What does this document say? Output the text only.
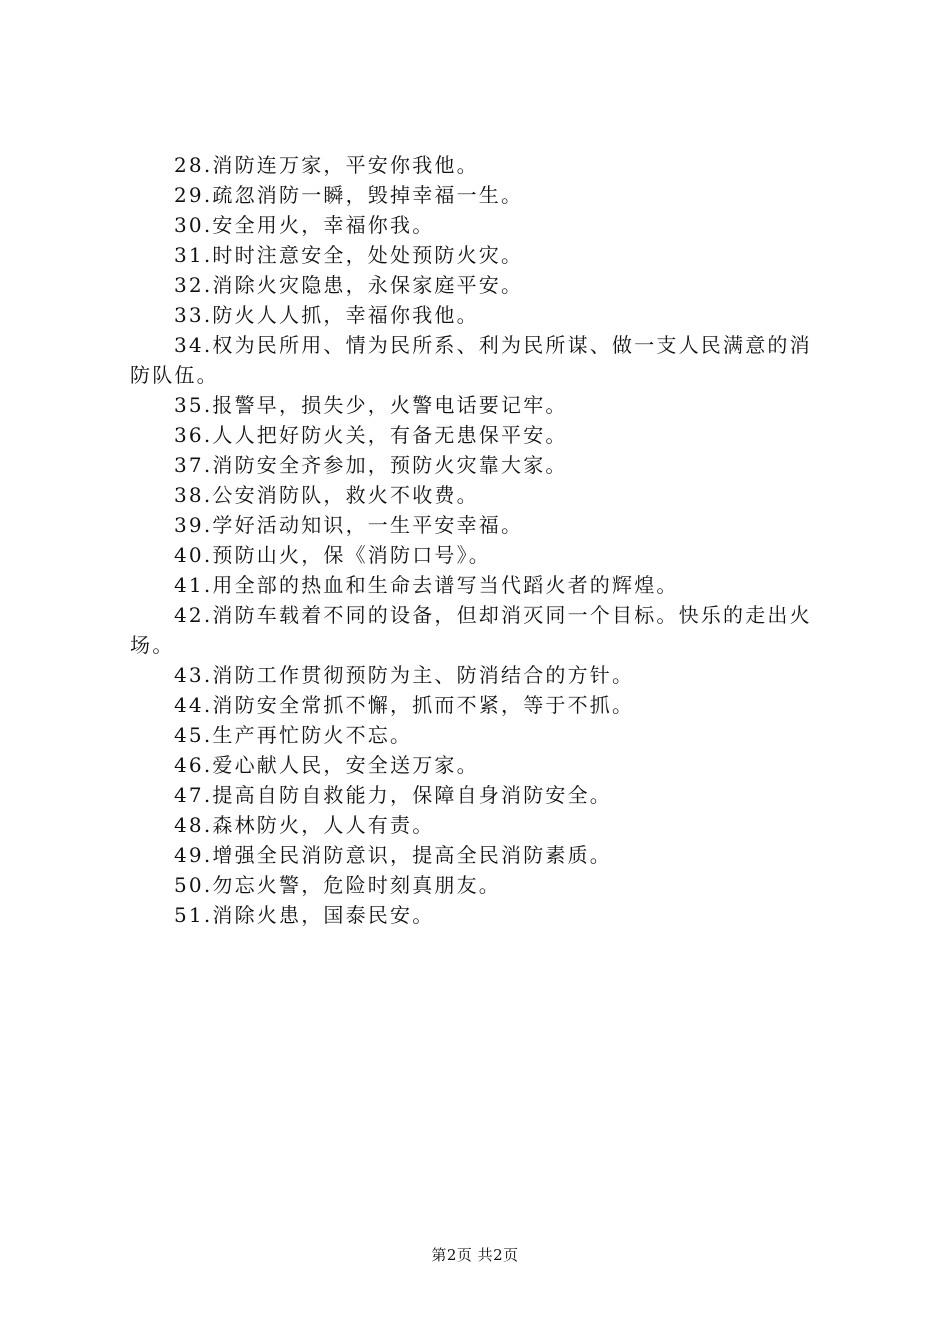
28.消防连万家，平安你我他。

29.疏忽消防一瞬，毁掉幸福一生。

30.安全用火，幸福你我。

31.时时注意安全，处处预防火灾。

32.消除火灾隐患，永保家庭平安。

33.防火人人抓，幸福你我他。

34.权为民所用、情为民所系、利为民所谋、做一支人民满意的消防队伍。

35.报警早，损失少，火警电话要记牢。

36.人人把好防火关，有备无患保平安。

37.消防安全齐参加，预防火灾靠大家。

38.公安消防队，救火不收费。

39.学好活动知识，一生平安幸福。

40.预防山火，保《消防口号》。

41.用全部的热血和生命去谱写当代蹈火者的辉煌。

42.消防车载着不同的设备，但却消灭同一个目标。快乐的走出火场。

43.消防工作贯彻预防为主、防消结合的方针。

44.消防安全常抓不懈，抓而不紧，等于不抓。

45.生产再忙防火不忘。

46.爱心献人民，安全送万家。

47.提高自防自救能力，保障自身消防安全。

48.森林防火，人人有责。

49.增强全民消防意识，提高全民消防素质。

50.勿忘火警，危险时刻真朋友。

51.消除火患，国泰民安。

第2页 共2页
